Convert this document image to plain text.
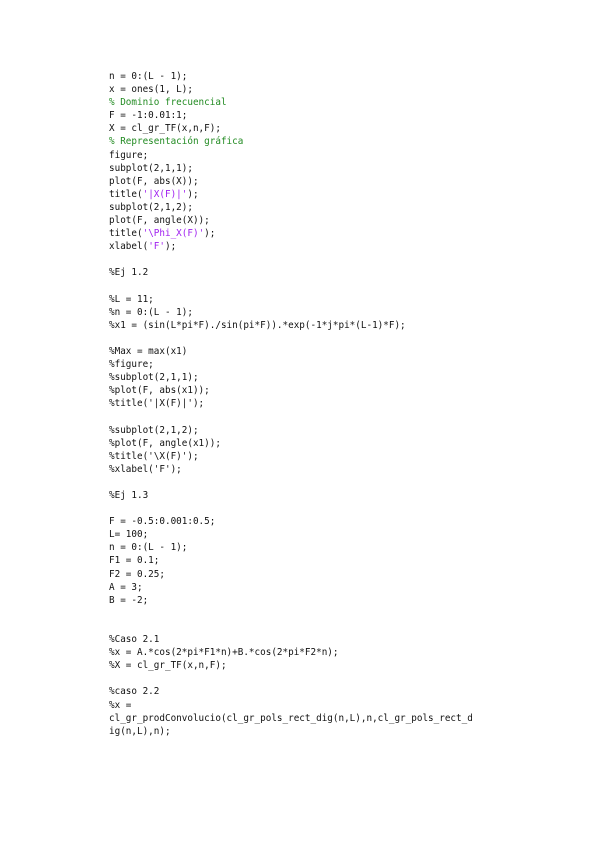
n = 0:(L - 1);
x = ones(1, L);
% Dominio frecuencial
F = -1:0.01:1;
X = cl_gr_TF(x,n,F);
% Representación gráfica
figure;
subplot(2,1,1);
plot(F, abs(X));
title('|X(F)|');
subplot(2,1,2);
plot(F, angle(X));
title('\Phi_X(F)');
xlabel('F');
%Ej 1.2
%L = 11;
%n = 0:(L - 1);
%x1 = (sin(L*pi*F)./sin(pi*F)).*exp(-1*j*pi*(L-1)*F);
%Max = max(x1)
%figure;
%subplot(2,1,1);
%plot(F, abs(x1));
%title('|X(F)|');
%subplot(2,1,2);
%plot(F, angle(x1));
%title('\X(F)');
%xlabel('F');
%Ej 1.3
F = -0.5:0.001:0.5;
L= 100;
n = 0:(L - 1);
F1 = 0.1;
F2 = 0.25;
A = 3;
B = -2;
%Caso 2.1
%x = A.*cos(2*pi*F1*n)+B.*cos(2*pi*F2*n);
%X = cl_gr_TF(x,n,F);
%caso 2.2
%x =
cl_gr_prodConvolucio(cl_gr_pols_rect_dig(n,L),n,cl_gr_pols_rect_d
ig(n,L),n);
